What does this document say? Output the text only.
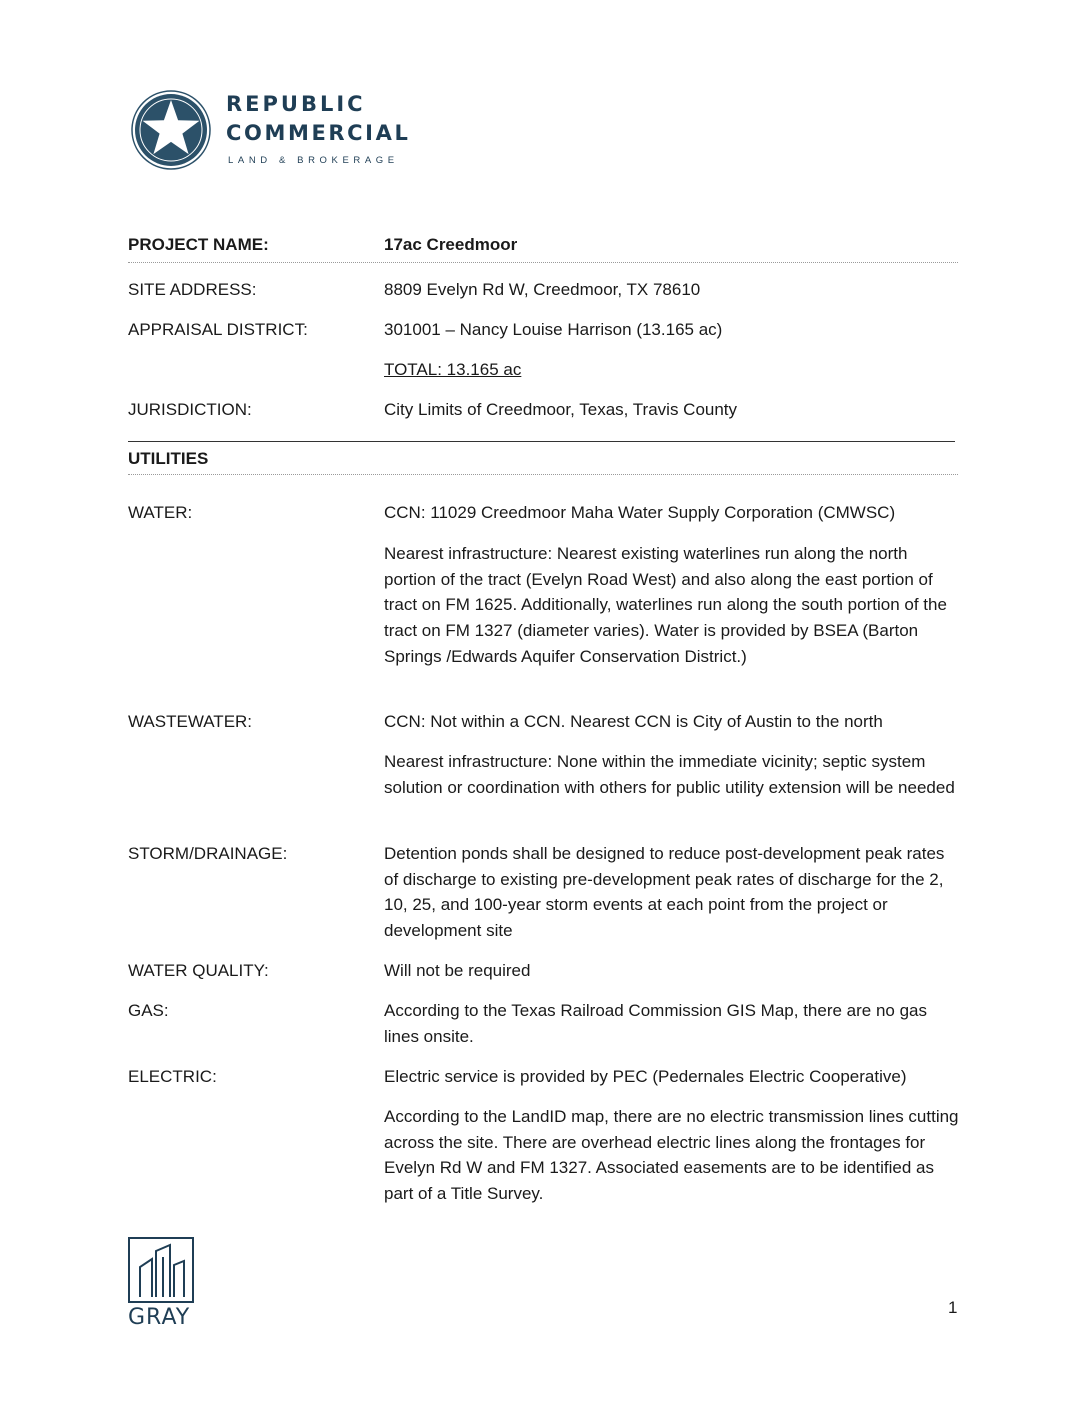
REPUBLIC
COMMERCIAL
LAND & BROKERAGE
PROJECT NAME:	17ac Creedmoor
SITE ADDRESS:	8809 Evelyn Rd W, Creedmoor, TX 78610
APPRAISAL DISTRICT:	301001 – Nancy Louise Harrison (13.165 ac)
TOTAL: 13.165 ac
JURISDICTION:	City Limits of Creedmoor, Texas, Travis County
UTILITIES
WATER:	CCN: 11029 Creedmoor Maha Water Supply Corporation (CMWSC)
Nearest infrastructure: Nearest existing waterlines run along the north portion of the tract (Evelyn Road West) and also along the east portion of tract on FM 1625. Additionally, waterlines run along the south portion of the tract on FM 1327 (diameter varies). Water is provided by BSEA (Barton Springs /Edwards Aquifer Conservation District.)
WASTEWATER:	CCN: Not within a CCN. Nearest CCN is City of Austin to the north
Nearest infrastructure: None within the immediate vicinity; septic system solution or coordination with others for public utility extension will be needed
STORM/DRAINAGE:	Detention ponds shall be designed to reduce post-development peak rates of discharge to existing pre-development peak rates of discharge for the 2, 10, 25, and 100-year storm events at each point from the project or development site
WATER QUALITY:	Will not be required
GAS:	According to the Texas Railroad Commission GIS Map, there are no gas lines onsite.
ELECTRIC:	Electric service is provided by PEC (Pedernales Electric Cooperative)
According to the LandID map, there are no electric transmission lines cutting across the site. There are overhead electric lines along the frontages for Evelyn Rd W and FM 1327. Associated easements are to be identified as part of a Title Survey.
GRAY	1
